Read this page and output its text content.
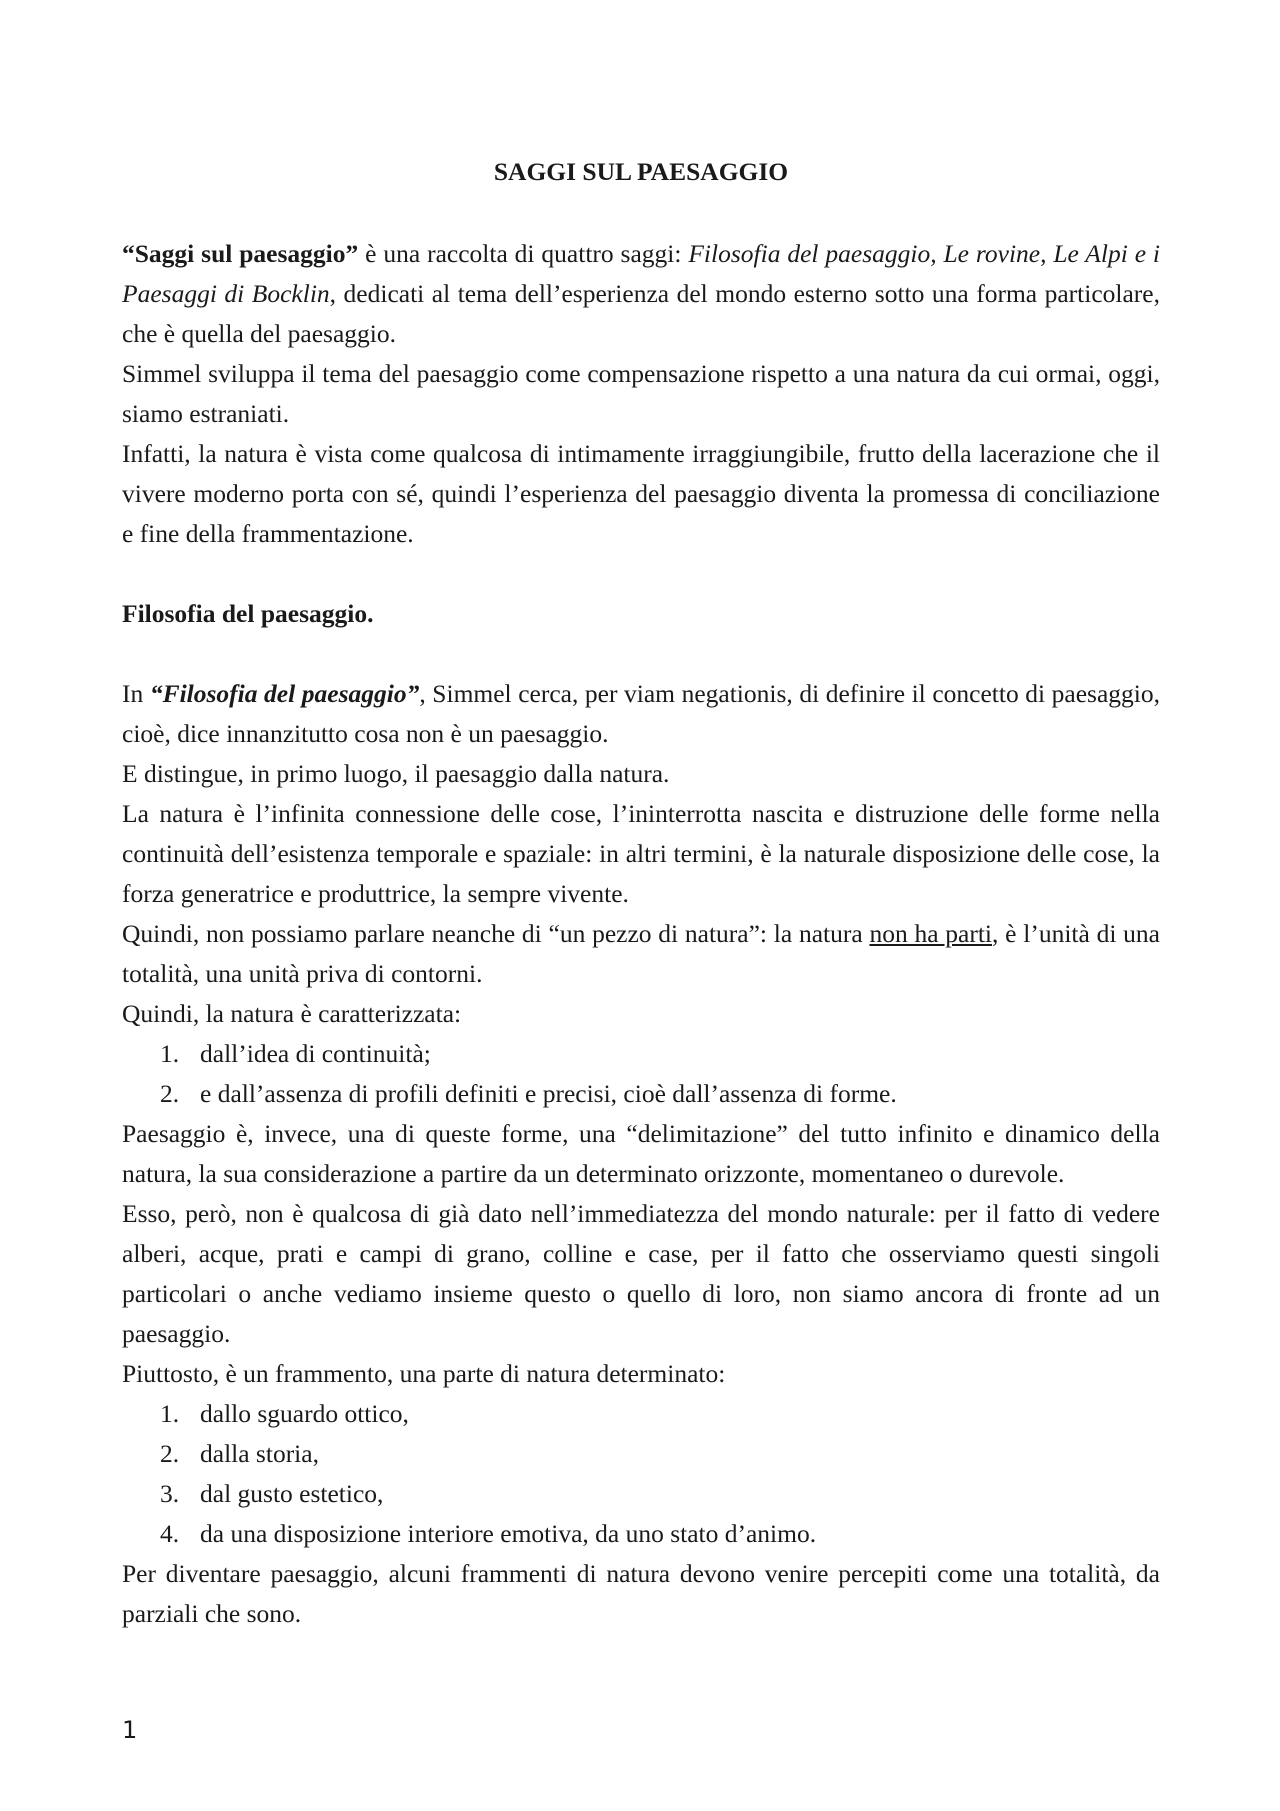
SAGGI SUL PAESAGGIO

“Saggi sul paesaggio” è una raccolta di quattro saggi: Filosofia del paesaggio, Le rovine, Le Alpi e i Paesaggi di Bocklin, dedicati al tema dell’esperienza del mondo esterno sotto una forma particolare, che è quella del paesaggio.

Simmel sviluppa il tema del paesaggio come compensazione rispetto a una natura da cui ormai, oggi, siamo estraniati.

Infatti, la natura è vista come qualcosa di intimamente irraggiungibile, frutto della lacerazione che il vivere moderno porta con sé, quindi l’esperienza del paesaggio diventa la promessa di conciliazione e fine della frammentazione.

Filosofia del paesaggio.

In “Filosofia del paesaggio”, Simmel cerca, per viam negationis, di definire il concetto di paesaggio, cioè, dice innanzitutto cosa non è un paesaggio.

E distingue, in primo luogo, il paesaggio dalla natura.

La natura è l’infinita connessione delle cose, l’ininterrotta nascita e distruzione delle forme nella continuità dell’esistenza temporale e spaziale: in altri termini, è la naturale disposizione delle cose, la forza generatrice e produttrice, la sempre vivente.

Quindi, non possiamo parlare neanche di “un pezzo di natura”: la natura non ha parti, è l’unità di una totalità, una unità priva di contorni.

Quindi, la natura è caratterizzata:

1. dall’idea di continuità;
2. e dall’assenza di profili definiti e precisi, cioè dall’assenza di forme.

Paesaggio è, invece, una di queste forme, una “delimitazione” del tutto infinito e dinamico della natura, la sua considerazione a partire da un determinato orizzonte, momentaneo o durevole.

Esso, però, non è qualcosa di già dato nell’immediatezza del mondo naturale: per il fatto di vedere alberi, acque, prati e campi di grano, colline e case, per il fatto che osserviamo questi singoli particolari o anche vediamo insieme questo o quello di loro, non siamo ancora di fronte ad un paesaggio.

Piuttosto, è un frammento, una parte di natura determinato:

1. dallo sguardo ottico,
2. dalla storia,
3. dal gusto estetico,
4. da una disposizione interiore emotiva, da uno stato d’animo.

Per diventare paesaggio, alcuni frammenti di natura devono venire percepiti come una totalità, da parziali che sono.

1
